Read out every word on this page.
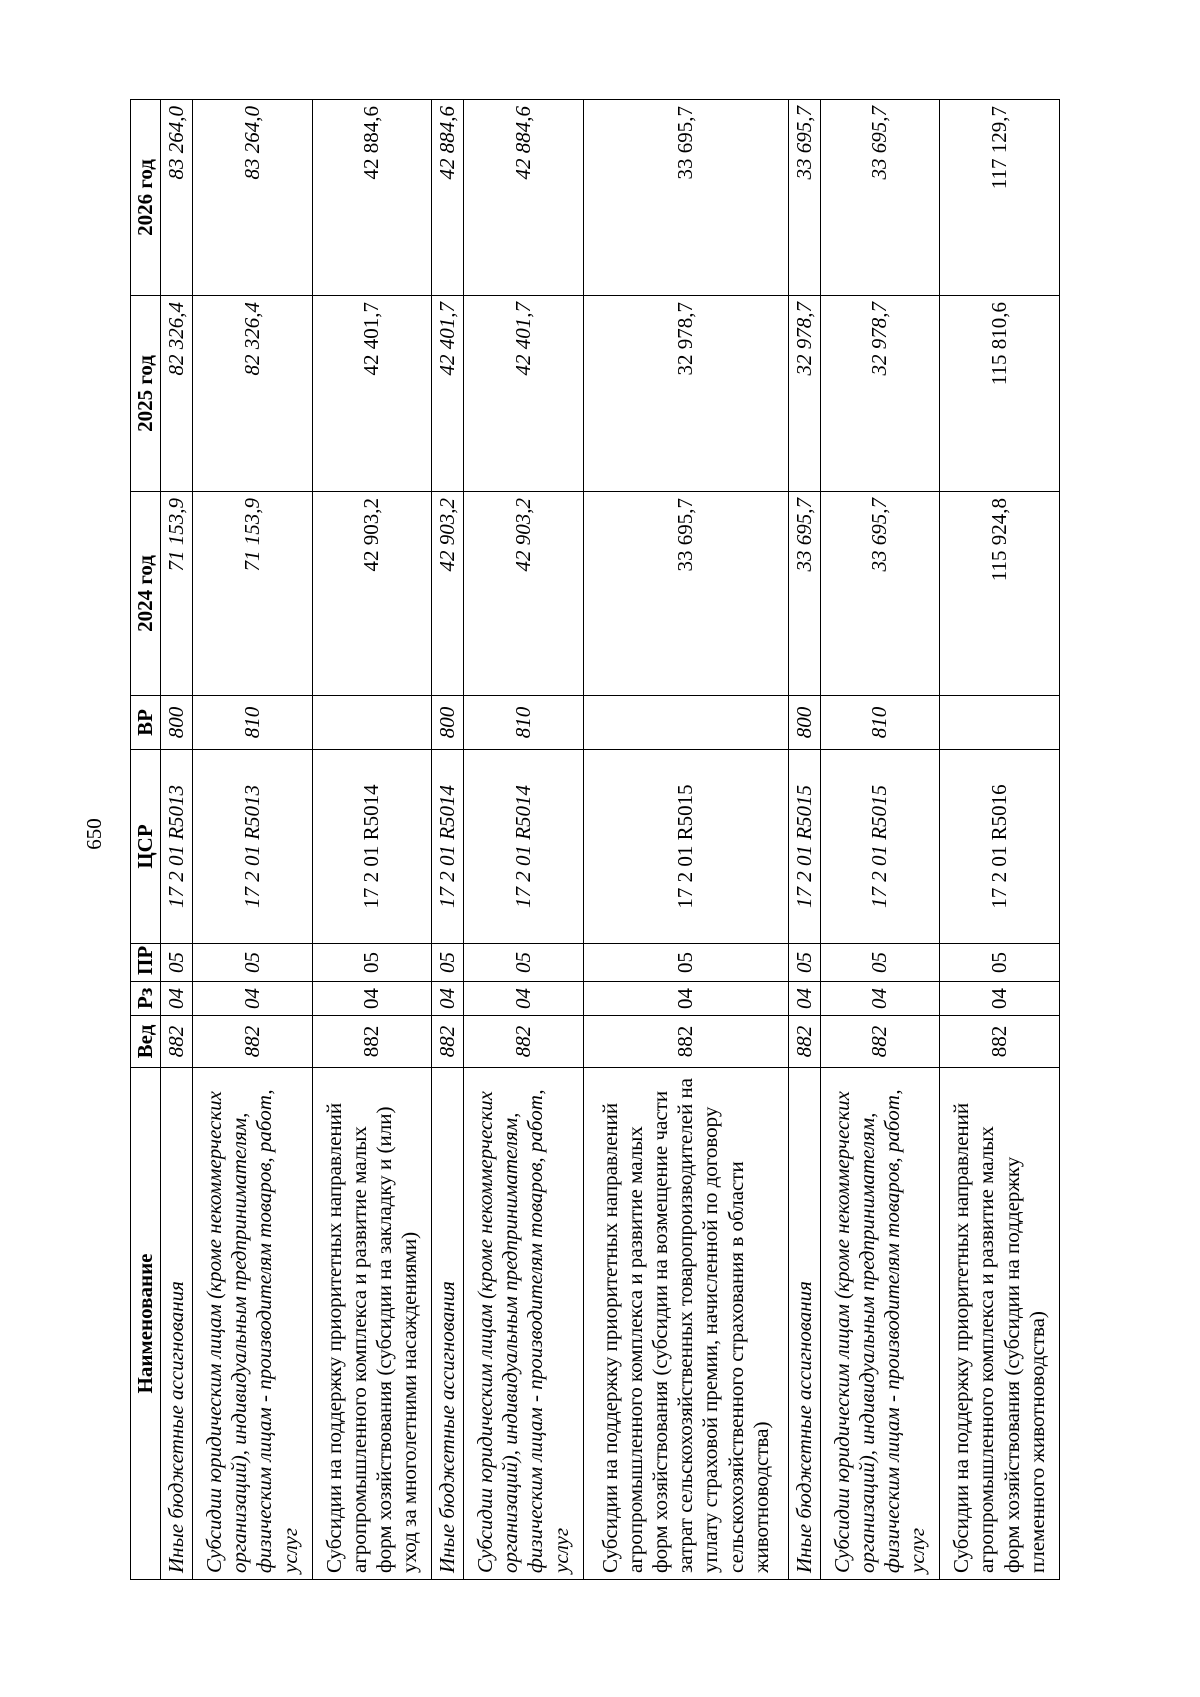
650
Наименование	Вед	Рз	ПР	ЦСР	ВР	2024 год	2025 год	2026 год
Иные бюджетные ассигнования	882	04	05	17 2 01 R5013	800	71 153,9	82 326,4	83 264,0
Субсидии юридическим лицам (кроме некоммерческих организаций), индивидуальным предпринимателям, физическим лицам - производителям товаров, работ, услуг	882	04	05	17 2 01 R5013	810	71 153,9	82 326,4	83 264,0
Субсидии на поддержку приоритетных направлений агропромышленного комплекса и развитие малых форм хозяйствования (субсидии на закладку и (или) уход за многолетними насаждениями)	882	04	05	17 2 01 R5014		42 903,2	42 401,7	42 884,6
Иные бюджетные ассигнования	882	04	05	17 2 01 R5014	800	42 903,2	42 401,7	42 884,6
Субсидии юридическим лицам (кроме некоммерческих организаций), индивидуальным предпринимателям, физическим лицам - производителям товаров, работ, услуг	882	04	05	17 2 01 R5014	810	42 903,2	42 401,7	42 884,6
Субсидии на поддержку приоритетных направлений агропромышленного комплекса и развитие малых форм хозяйствования (субсидии на возмещение части затрат сельскохозяйственных товаропроизводителей на уплату страховой премии, начисленной по договору сельскохозяйственного страхования в области животноводства)	882	04	05	17 2 01 R5015		33 695,7	32 978,7	33 695,7
Иные бюджетные ассигнования	882	04	05	17 2 01 R5015	800	33 695,7	32 978,7	33 695,7
Субсидии юридическим лицам (кроме некоммерческих организаций), индивидуальным предпринимателям, физическим лицам - производителям товаров, работ, услуг	882	04	05	17 2 01 R5015	810	33 695,7	32 978,7	33 695,7
Субсидии на поддержку приоритетных направлений агропромышленного комплекса и развитие малых форм хозяйствования (субсидии на поддержку племенного животноводства)	882	04	05	17 2 01 R5016		115 924,8	115 810,6	117 129,7
